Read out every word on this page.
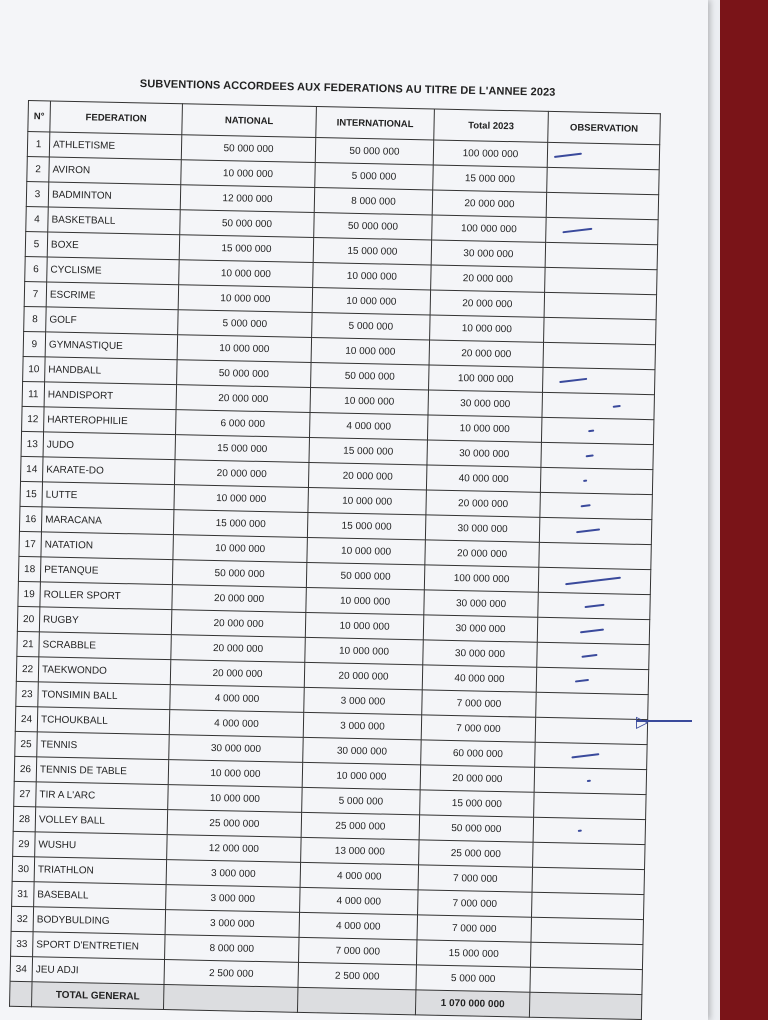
SUBVENTIONS ACCORDEES AUX FEDERATIONS AU TITRE DE L'ANNEE 2023
N°	FEDERATION	NATIONAL	INTERNATIONAL	Total 2023	OBSERVATION
1	ATHLETISME	50 000 000	50 000 000	100 000 000	

2	AVIRON	10 000 000	5 000 000	15 000 000	
3	BADMINTON	12 000 000	8 000 000	20 000 000	
4	BASKETBALL	50 000 000	50 000 000	100 000 000	

5	BOXE	15 000 000	15 000 000	30 000 000	
6	CYCLISME	10 000 000	10 000 000	20 000 000	
7	ESCRIME	10 000 000	10 000 000	20 000 000	
8	GOLF	5 000 000	5 000 000	10 000 000	
9	GYMNASTIQUE	10 000 000	10 000 000	20 000 000	
10	HANDBALL	50 000 000	50 000 000	100 000 000	

11	HANDISPORT	20 000 000	10 000 000	30 000 000	

12	HARTEROPHILIE	6 000 000	4 000 000	10 000 000	

13	JUDO	15 000 000	15 000 000	30 000 000	

14	KARATE-DO	20 000 000	20 000 000	40 000 000	

15	LUTTE	10 000 000	10 000 000	20 000 000	

16	MARACANA	15 000 000	15 000 000	30 000 000	

17	NATATION	10 000 000	10 000 000	20 000 000	
18	PETANQUE	50 000 000	50 000 000	100 000 000	

19	ROLLER SPORT	20 000 000	10 000 000	30 000 000	

20	RUGBY	20 000 000	10 000 000	30 000 000	

21	SCRABBLE	20 000 000	10 000 000	30 000 000	

22	TAEKWONDO	20 000 000	20 000 000	40 000 000	

23	TONSIMIN BALL	4 000 000	3 000 000	7 000 000	
24	TCHOUKBALL	4 000 000	3 000 000	7 000 000	
25	TENNIS	30 000 000	30 000 000	60 000 000	

26	TENNIS DE TABLE	10 000 000	10 000 000	20 000 000	

27	TIR A L'ARC	10 000 000	5 000 000	15 000 000	
28	VOLLEY BALL	25 000 000	25 000 000	50 000 000	

29	WUSHU	12 000 000	13 000 000	25 000 000	
30	TRIATHLON	3 000 000	4 000 000	7 000 000	
31	BASEBALL	3 000 000	4 000 000	7 000 000	
32	BODYBULDING	3 000 000	4 000 000	7 000 000	
33	SPORT D'ENTRETIEN	8 000 000	7 000 000	15 000 000	
34	JEU ADJI	2 500 000	2 500 000	5 000 000	
	TOTAL GENERAL			1 070 000 000	
▷
